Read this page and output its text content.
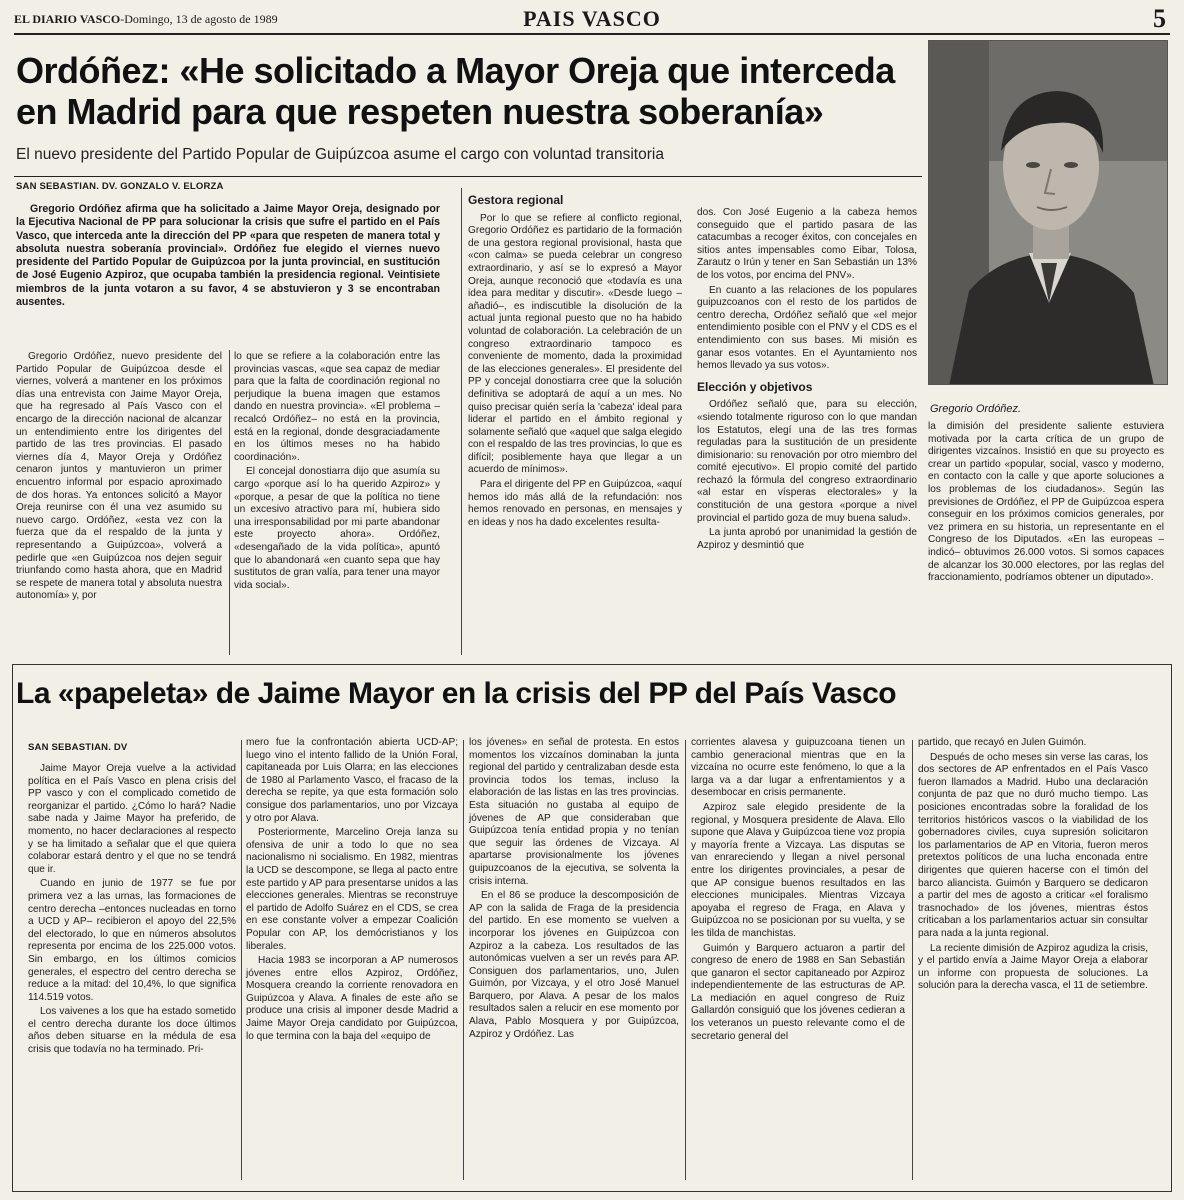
EL DIARIO VASCO-Domingo, 13 de agosto de 1989	PAIS VASCO	5
Ordóñez: «He solicitado a Mayor Oreja que interceda en Madrid para que respeten nuestra soberanía»
El nuevo presidente del Partido Popular de Guipúzcoa asume el cargo con voluntad transitoria
SAN SEBASTIAN. DV. GONZALO V. ELORZA
Gregorio Ordóñez.
Gregorio Ordóñez afirma que ha solicitado a Jaime Mayor Oreja, designado por la Ejecutiva Nacional de PP para solucionar la crisis que sufre el partido en el País Vasco, que interceda ante la dirección del PP «para que respeten de manera total y absoluta nuestra soberanía provincial». Ordóñez fue elegido el viernes nuevo presidente del Partido Popular de Guipúzcoa por la junta provincial, en sustitución de José Eugenio Azpiroz, que ocupaba también la presidencia regional. Veintisiete miembros de la junta votaron a su favor, 4 se abstuvieron y 3 se encontraban ausentes.

Gregorio Ordóñez, nuevo presidente del Partido Popular de Guipúzcoa desde el viernes, volverá a mantener en los próximos días una entrevista con Jaime Mayor Oreja, que ha regresado al País Vasco con el encargo de la dirección nacional de alcanzar un entendimiento entre los dirigentes del partido de las tres provincias. El pasado viernes día 4, Mayor Oreja y Ordóñez cenaron juntos y mantuvieron un primer encuentro informal por espacio aproximado de dos horas. Ya entonces solicitó a Mayor Oreja reunirse con él una vez asumido su nuevo cargo. Ordóñez, «esta vez con la fuerza que da el respaldo de la junta y representando a Guipúzcoa», volverá a pedirle que «en Guipúzcoa nos dejen seguir triunfando como hasta ahora, que en Madrid se respete de manera total y absoluta nuestra autonomía» y, por

lo que se refiere a la colaboración entre las provincias vascas, «que sea capaz de mediar para que la falta de coordinación regional no perjudique la buena imagen que estamos dando en nuestra provincia». «El problema –recalcó Ordóñez– no está en la provincia, está en la regional, donde desgraciadamente en los últimos meses no ha habido coordinación».

El concejal donostiarra dijo que asumía su cargo «porque así lo ha querido Azpiroz» y «porque, a pesar de que la política no tiene un excesivo atractivo para mí, hubiera sido una irresponsabilidad por mi parte abandonar este proyecto ahora». Ordóñez, «desengañado de la vida política», apuntó que lo abandonará «en cuanto sepa que hay sustitutos de gran valía, para tener una mayor vida social».

Gestora regional

Por lo que se refiere al conflicto regional, Gregorio Ordóñez es partidario de la formación de una gestora regional provisional, hasta que «con calma» se pueda celebrar un congreso extraordinario, y así se lo expresó a Mayor Oreja, aunque reconoció que «todavía es una idea para meditar y discutir». «Desde luego –añadió–, es indiscutible la disolución de la actual junta regional puesto que no ha habido voluntad de colaboración. La celebración de un congreso extraordinario tampoco es conveniente de momento, dada la proximidad de las elecciones generales». El presidente del PP y concejal donostiarra cree que la solución definitiva se adoptará de aquí a un mes. No quiso precisar quién sería la 'cabeza' ideal para liderar el partido en el ámbito regional y solamente señaló que «aquel que salga elegido con el respaldo de las tres provincias, lo que es difícil; posiblemente haya que llegar a un acuerdo de mínimos».

Para el dirigente del PP en Guipúzcoa, «aquí hemos ido más allá de la refundación: nos hemos renovado en personas, en mensajes y en ideas y nos ha dado excelentes resulta-

dos. Con José Eugenio a la cabeza hemos conseguido que el partido pasara de las catacumbas a recoger éxitos, con concejales en sitios antes impensables como Eibar, Tolosa, Zarautz o Irún y tener en San Sebastián un 13% de los votos, por encima del PNV».

En cuanto a las relaciones de los populares guipuzcoanos con el resto de los partidos de centro derecha, Ordóñez señaló que «el mejor entendimiento posible con el PNV y el CDS es el entendimiento con sus bases. Mi misión es ganar esos votantes. En el Ayuntamiento nos hemos llevado ya sus votos».

Elección y objetivos

Ordóñez señaló que, para su elección, «siendo totalmente riguroso con lo que mandan los Estatutos, elegí una de las tres formas reguladas para la sustitución de un presidente dimisionario: su renovación por otro miembro del comité ejecutivo». El propio comité del partido rechazó la fórmula del congreso extraordinario «al estar en vísperas electorales» y la constitución de una gestora «porque a nivel provincial el partido goza de muy buena salud».

La junta aprobó por unanimidad la gestión de Azpiroz y desmintió que

la dimisión del presidente saliente estuviera motivada por la carta crítica de un grupo de dirigentes vizcaínos. Insistió en que su proyecto es crear un partido «popular, social, vasco y moderno, en contacto con la calle y que aporte soluciones a los problemas de los ciudadanos». Según las previsiones de Ordóñez, el PP de Guipúzcoa espera conseguir en los próximos comicios generales, por vez primera en su historia, un representante en el Congreso de los Diputados. «En las europeas –indicó– obtuvimos 26.000 votos. Si somos capaces de alcanzar los 30.000 electores, por las reglas del fraccionamiento, podríamos obtener un diputado».

La «papeleta» de Jaime Mayor en la crisis del PP del País Vasco
SAN SEBASTIAN. DV

Jaime Mayor Oreja vuelve a la actividad política en el País Vasco en plena crisis del PP vasco y con el complicado cometido de reorganizar el partido. ¿Cómo lo hará? Nadie sabe nada y Jaime Mayor ha preferido, de momento, no hacer declaraciones al respecto y se ha limitado a señalar que el que quiera colaborar estará dentro y el que no se tendrá que ir.

Cuando en junio de 1977 se fue por primera vez a las urnas, las formaciones de centro derecha –entonces nucleadas en torno a UCD y AP– recibieron el apoyo del 22,5% del electorado, lo que en números absolutos representa por encima de los 225.000 votos. Sin embargo, en los últimos comicios generales, el espectro del centro derecha se reduce a la mitad: del 10,4%, lo que significa 114.519 votos.

Los vaivenes a los que ha estado sometido el centro derecha durante los doce últimos años deben situarse en la médula de esa crisis que todavía no ha terminado. Pri-

mero fue la confrontación abierta UCD-AP; luego vino el intento fallido de la Unión Foral, capitaneada por Luis Olarra; en las elecciones de 1980 al Parlamento Vasco, el fracaso de la derecha se repite, ya que esta formación solo consigue dos parlamentarios, uno por Vizcaya y otro por Alava.

Posteriormente, Marcelino Oreja lanza su ofensiva de unir a todo lo que no sea nacionalismo ni socialismo. En 1982, mientras la UCD se descompone, se llega al pacto entre este partido y AP para presentarse unidos a las elecciones generales. Mientras se reconstruye el partido de Adolfo Suárez en el CDS, se crea en ese constante volver a empezar Coalición Popular con AP, los demócristianos y los liberales.

Hacia 1983 se incorporan a AP numerosos jóvenes entre ellos Azpiroz, Ordóñez, Mosquera creando la corriente renovadora en Guipúzcoa y Alava. A finales de este año se produce una crisis al imponer desde Madrid a Jaime Mayor Oreja candidato por Guipúzcoa, lo que termina con la baja del «equipo de

los jóvenes» en señal de protesta. En estos momentos los vizcaínos dominaban la junta regional del partido y centralizaban desde esta provincia todos los temas, incluso la elaboración de las listas en las tres provincias. Esta situación no gustaba al equipo de jóvenes de AP que consideraban que Guipúzcoa tenía entidad propia y no tenían que seguir las órdenes de Vizcaya. Al apartarse provisionalmente los jóvenes guipuzcoanos de la ejecutiva, se solventa la crisis interna.

En el 86 se produce la descomposición de AP con la salida de Fraga de la presidencia del partido. En ese momento se vuelven a incorporar los jóvenes en Guipúzcoa con Azpiroz a la cabeza. Los resultados de las autonómicas vuelven a ser un revés para AP. Consiguen dos parlamentarios, uno, Julen Guimón, por Vizcaya, y el otro José Manuel Barquero, por Alava. A pesar de los malos resultados salen a relucir en ese momento por Alava, Pablo Mosquera y por Guipúzcoa, Azpiroz y Ordóñez. Las

corrientes alavesa y guipuzcoana tienen un cambio generacional mientras que en la vizcaína no ocurre este fenómeno, lo que a la larga va a dar lugar a enfrentamientos y a desembocar en crisis permanente.

Azpiroz sale elegido presidente de la regional, y Mosquera presidente de Alava. Ello supone que Alava y Guipúzcoa tiene voz propia y mayoría frente a Vizcaya. Las disputas se van enrareciendo y llegan a nivel personal entre los dirigentes provinciales, a pesar de que AP consigue buenos resultados en las elecciones municipales. Mientras Vizcaya apoyaba el regreso de Fraga, en Alava y Guipúzcoa no se posicionan por su vuelta, y se les tilda de manchistas.

Guimón y Barquero actuaron a partir del congreso de enero de 1988 en San Sebastián que ganaron el sector capitaneado por Azpiroz independientemente de las estructuras de AP. La mediación en aquel congreso de Ruiz Gallardón consiguió que los jóvenes cedieran a los veteranos un puesto relevante como el de secretario general del

partido, que recayó en Julen Guimón.

Después de ocho meses sin verse las caras, los dos sectores de AP enfrentados en el País Vasco fueron llamados a Madrid. Hubo una declaración conjunta de paz que no duró mucho tiempo. Las posiciones encontradas sobre la foralidad de los territorios históricos vascos o la viabilidad de los gobernadores civiles, cuya supresión solicitaron los parlamentarios de AP en Vitoria, fueron meros pretextos políticos de una lucha enconada entre dirigentes que quieren hacerse con el timón del barco aliancista. Guimón y Barquero se dedicaron a partir del mes de agosto a criticar «el foralismo trasnochado» de los jóvenes, mientras éstos criticaban a los parlamentarios actuar sin consultar para nada a la junta regional.

La reciente dimisión de Azpiroz agudiza la crisis, y el partido envía a Jaime Mayor Oreja a elaborar un informe con propuesta de soluciones. La solución para la derecha vasca, el 11 de setiembre.
